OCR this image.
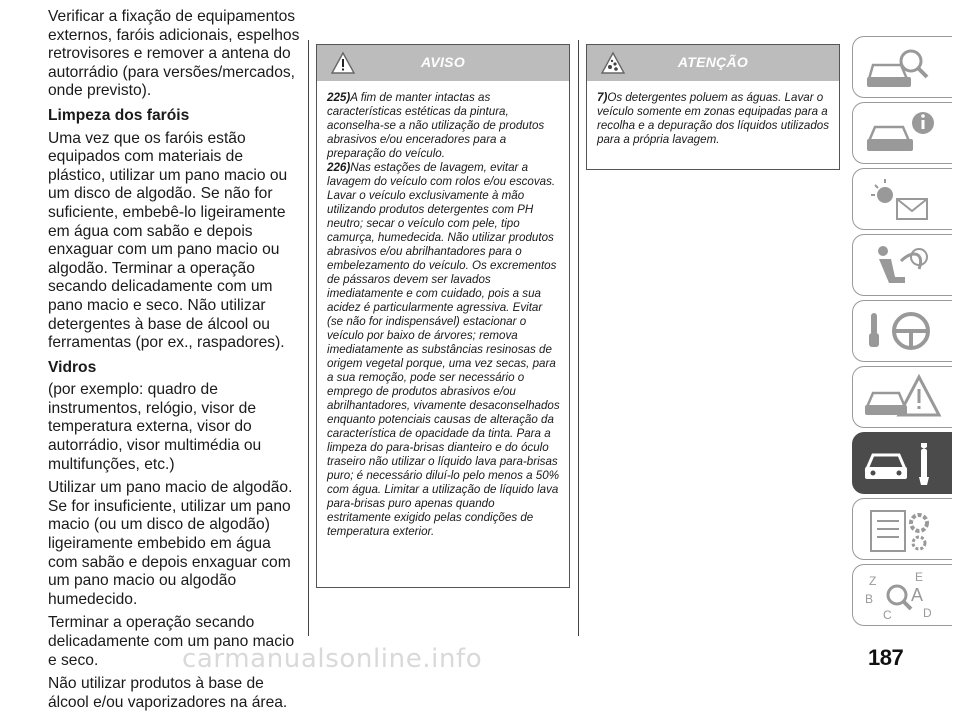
Verificar a fixação de equipamentos externos, faróis adicionais, espelhos retrovisores e remover a antena do autorrádio (para versões/mercados, onde previsto).

Limpeza dos faróis

Uma vez que os faróis estão equipados com materiais de plástico, utilizar um pano macio ou um disco de algodão. Se não for suficiente, embebê-lo ligeiramente em água com sabão e depois enxaguar com um pano macio ou algodão. Terminar a operação secando delicadamente com um pano macio e seco. Não utilizar detergentes à base de álcool ou ferramentas (por ex., raspadores).

Vidros

(por exemplo: quadro de instrumentos, relógio, visor de temperatura externa, visor do autorrádio, visor multimédia ou multifunções, etc.)

Utilizar um pano macio de algodão. Se for insuficiente, utilizar um pano macio (ou um disco de algodão) ligeiramente embebido em água com sabão e depois enxaguar com um pano macio ou algodão humedecido.

Terminar a operação secando delicadamente com um pano macio e seco.

Não utilizar produtos à base de álcool e/ou vaporizadores na área.

AVISO

225)A fim de manter intactas as características estéticas da pintura, aconselha-se a não utilização de produtos abrasivos e/ou enceradores para a preparação do veículo.

226)Nas estações de lavagem, evitar a lavagem do veículo com rolos e/ou escovas. Lavar o veículo exclusivamente à mão utilizando produtos detergentes com PH neutro; secar o veículo com pele, tipo camurça, humedecida. Não utilizar produtos abrasivos e/ou abrilhantadores para o embelezamento do veículo. Os excrementos de pássaros devem ser lavados imediatamente e com cuidado, pois a sua acidez é particularmente agressiva. Evitar (se não for indispensável) estacionar o veículo por baixo de árvores; remova imediatamente as substâncias resinosas de origem vegetal porque, uma vez secas, para a sua remoção, pode ser necessário o emprego de produtos abrasivos e/ou abrilhantadores, vivamente desaconselhados enquanto potenciais causas de alteração da característica de opacidade da tinta. Para a limpeza do para-brisas dianteiro e do óculo traseiro não utilizar o líquido lava para-brisas puro; é necessário diluí-lo pelo menos a 50% com água. Limitar a utilização de líquido lava para-brisas puro apenas quando estritamente exigido pelas condições de temperatura exterior.

ATENÇÃO

7)Os detergentes poluem as águas. Lavar o veículo somente em zonas equipadas para a recolha e a depuração dos líquidos utilizados para a própria lavagem.

Z	E
B A
C	D
187
carmanualsonline.info
